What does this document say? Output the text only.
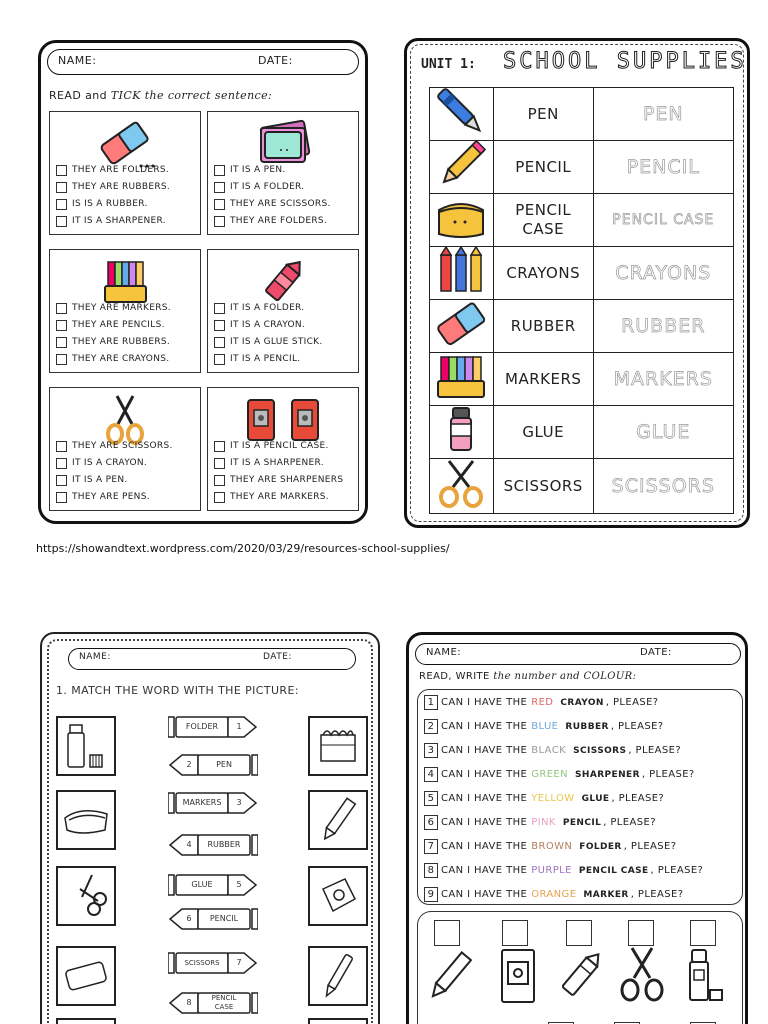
NAME:	DATE:
READ and TICK the correct sentence:
THEY ARE FOLDERS.
THEY ARE RUBBERS.
IS IS A RUBBER.
IT IS A SHARPENER.
IT IS A PEN.
IT IS A FOLDER.
THEY ARE SCISSORS.
THEY ARE FOLDERS.
THEY ARE MARKERS.
THEY ARE PENCILS.
THEY ARE RUBBERS.
THEY ARE CRAYONS.
IT IS A FOLDER.
IT IS A CRAYON.
IT IS A GLUE STICK.
IT IS A PENCIL.
THEY ARE SCISSORS.
IT IS A CRAYON.
IT IS A PEN.
THEY ARE PENS.
IT IS A PENCIL CASE.
IT IS A SHARPENER.
THEY ARE SHARPENERS
THEY ARE MARKERS.
UNIT 1: SCHOOL SUPPLIES
	PEN	PEN
	PENCIL	PENCIL
	PENCIL CASE	PENCIL CASE
	CRAYONS	CRAYONS
	RUBBER	RUBBER
	MARKERS	MARKERS
	GLUE	GLUE
	SCISSORS	SCISSORS
https://showandtext.wordpress.com/2020/03/29/resources-school-supplies/
NAME:	DATE:
1. MATCH THE WORD WITH THE PICTURE:
FOLDER	1
2	PEN
MARKERS	3
4	RUBBER
GLUE	5
6	PENCIL
SCISSORS	7
8	PENCIL CASE
NAME:	DATE:
READ, WRITE the number and COLOUR:
1 CAN I HAVE THE RED CRAYON , PLEASE?
2 CAN I HAVE THE BLUE RUBBER , PLEASE?
3 CAN I HAVE THE BLACK SCISSORS , PLEASE?
4 CAN I HAVE THE GREEN SHARPENER , PLEASE?
5 CAN I HAVE THE YELLOW GLUE , PLEASE?
6 CAN I HAVE THE PINK PENCIL , PLEASE?
7 CAN I HAVE THE BROWN FOLDER , PLEASE?
8 CAN I HAVE THE PURPLE PENCIL CASE , PLEASE?
9 CAN I HAVE THE ORANGE MARKER , PLEASE?
